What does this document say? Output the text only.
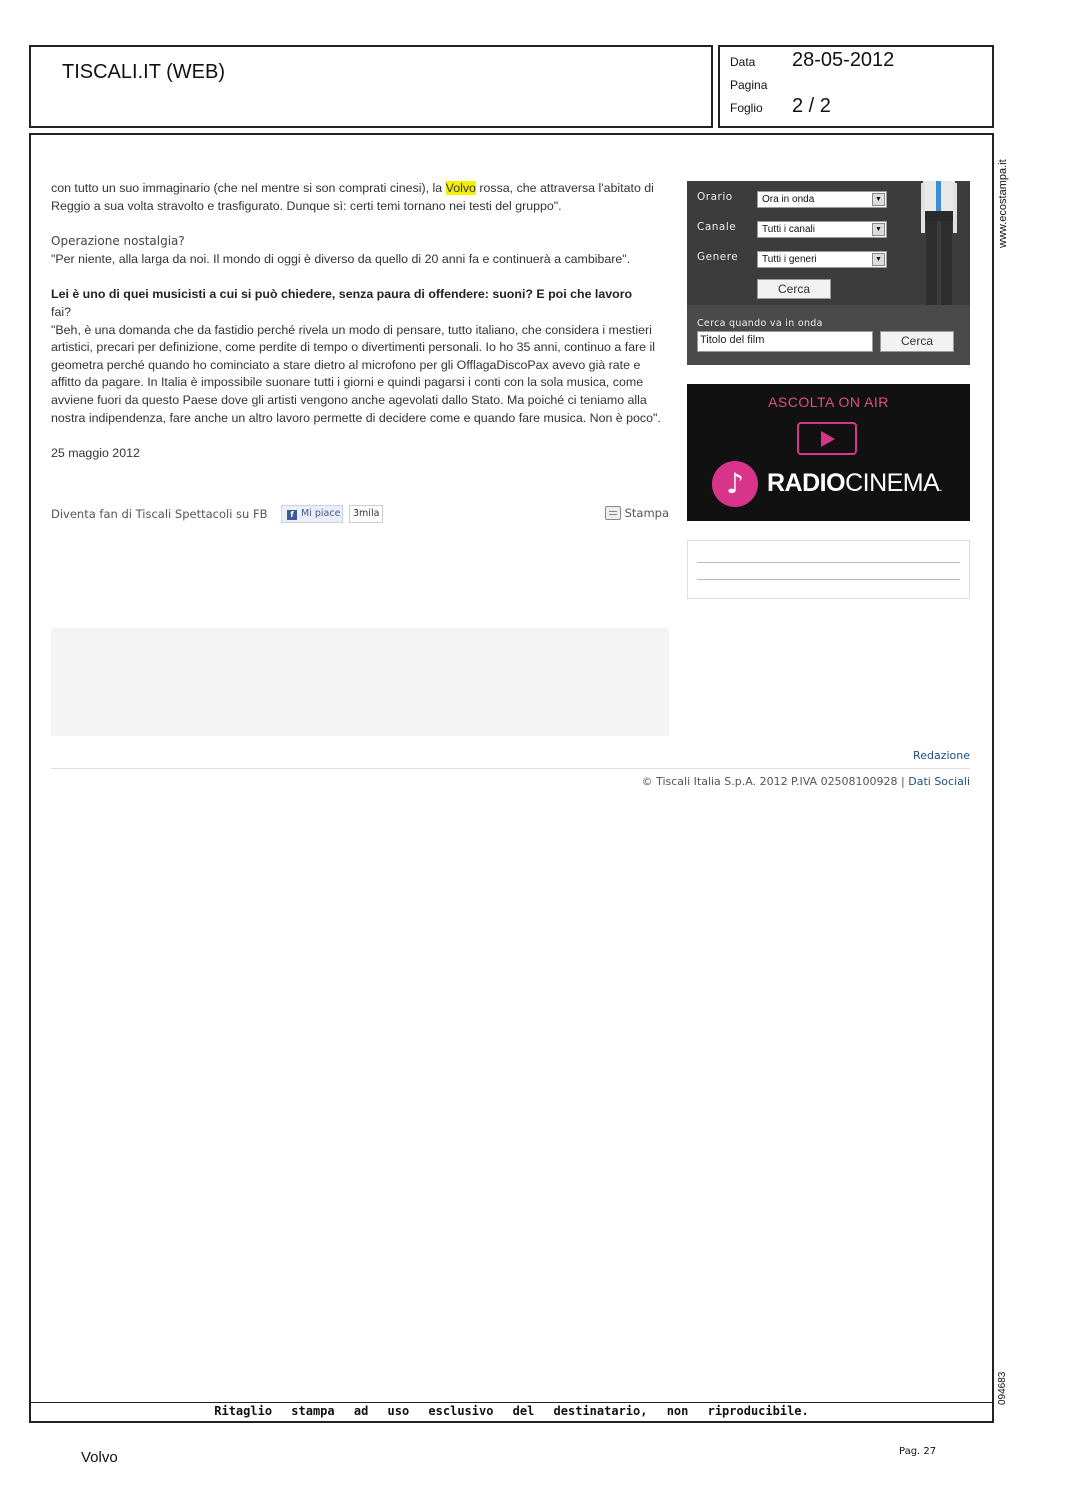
TISCALI.IT (WEB)	Data 28-05-2012
Pagina
Foglio 2 / 2
www.ecostampa.it
094683
Ritaglio stampa ad uso esclusivo del destinatario, non riproducibile.

con tutto un suo immaginario (che nel mentre si son comprati cinesi), la Volvo rossa, che attraversa l'abitato di Reggio a sua volta stravolto e trasfigurato. Dunque sì: certi temi tornano nei testi del gruppo".

Operazione nostalgia?

"Per niente, alla larga da noi. Il mondo di oggi è diverso da quello di 20 anni fa e continuerà a cambibare".

Lei è uno di quei musicisti a cui si può chiedere, senza paura di offendere: suoni? E poi che lavoro

fai?

"Beh, è una domanda che da fastidio perché rivela un modo di pensare, tutto italiano, che considera i mestieri artistici, precari per definizione, come perdite di tempo o divertimenti personali. Io ho 35 anni, continuo a fare il geometra perché quando ho cominciato a stare dietro al microfono per gli OfflagaDiscoPax avevo già rate e affitto da pagare. In Italia è impossibile suonare tutti i giorni e quindi pagarsi i conti con la sola musica, come avviene fuori da questo Paese dove gli artisti vengono anche agevolati dallo Stato. Ma poiché ci teniamo alla nostra indipendenza, fare anche un altro lavoro permette di decidere come e quando fare musica. Non è poco".

25 maggio 2012

Diventa fan di Tiscali Spettacoli su FB	f Mi piace	3mila	Stampa
Orario	Ora in onda	▼
Canale	Tutti i canali	▼
Genere	Tutti i generi	▼
Cerca
Cerca quando va in onda
Titolo del film	Cerca
ASCOLTA ON AIR
♪ RADIOCINEMA.
Redazione
© Tiscali Italia S.p.A. 2012 P.IVA 02508100928 | Dati Sociali
Volvo	Pag. 27
